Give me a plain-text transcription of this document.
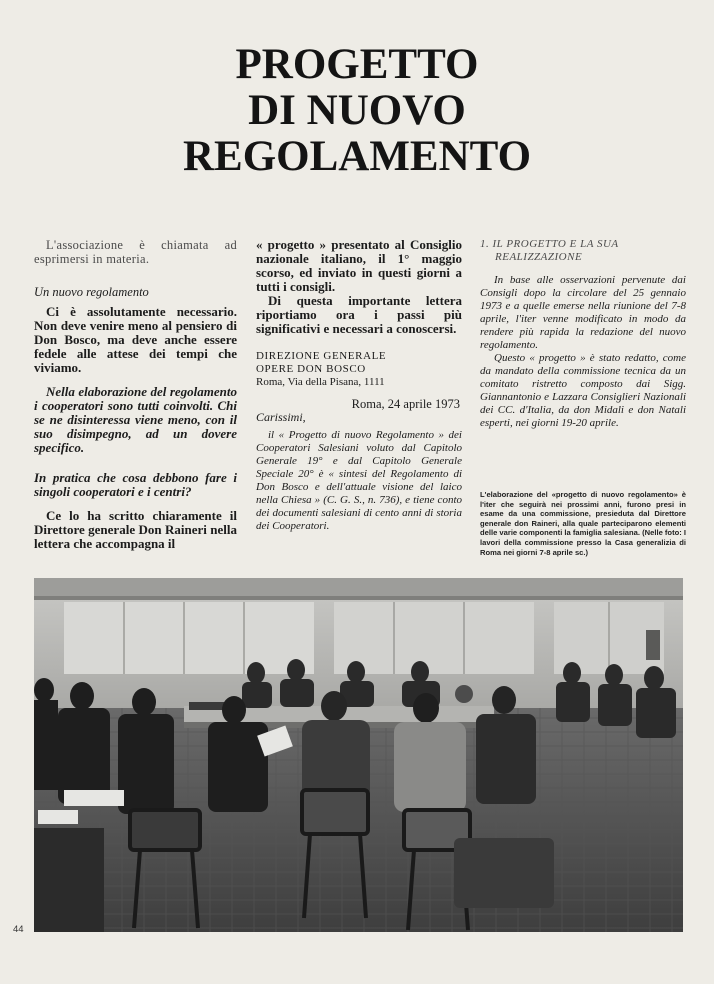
PROGETTO
DI NUOVO
REGOLAMENTO

L'associazione è chiamata ad esprimersi in materia.

Un nuovo regolamento

Ci è assolutamente necessario. Non deve venire meno al pensiero di Don Bosco, ma deve anche essere fedele alle attese dei tempi che viviamo.

Nella elaborazione del regolamento i cooperatori sono tutti coinvolti. Chi se ne disinteressa viene meno, con il suo disimpegno, ad un dovere specifico.

In pratica che cosa debbono fare i singoli cooperatori e i centri?

Ce lo ha scritto chiaramente il Direttore generale Don Raineri nella lettera che accompagna il

« progetto » presentato al Consiglio nazionale italiano, il 1° maggio scorso, ed inviato in questi giorni a tutti i consigli.

Di questa importante lettera riportiamo ora i passi più significativi e necessari a conoscersi.

DIREZIONE GENERALE

OPERE DON BOSCO

Roma, Via della Pisana, 1111

Roma, 24 aprile 1973

Carissimi,

il « Progetto di nuovo Regolamento » dei Cooperatori Salesiani voluto dal Capitolo Generale 19° e dal Capitolo Generale Speciale 20° è « sintesi del Regolamento di Don Bosco e dell'attuale visione del laico nella Chiesa » (C. G. S., n. 736), e tiene conto dei documenti salesiani di cento anni di storia dei Cooperatori.

1. IL PROGETTO E LA SUA
REALIZZAZIONE

In base alle osservazioni pervenute dai Consigli dopo la circolare del 25 gennaio 1973 e a quelle emerse nella riunione del 7-8 aprile, l'iter venne modificato in modo da rendere più rapida la redazione del nuovo regolamento.

Questo « progetto » è stato redatto, come da mandato della commissione tecnica da un comitato ristretto composto dai Sigg. Giannantonio e Lazzara Consiglieri Nazionali dei CC. d'Italia, da don Midali e don Natali esperti, nei giorni 19-20 aprile.

L'elaborazione del «progetto di nuovo regolamento» è l'iter che seguirà nei prossimi anni, furono presi in esame da una commissione, presieduta dal Direttore generale don Raineri, alla quale parteciparono elementi delle varie componenti la famiglia salesiana. (Nelle foto: I lavori della commissione presso la Casa generalizia di Roma nei giorni 7-8 aprile sc.)

44
